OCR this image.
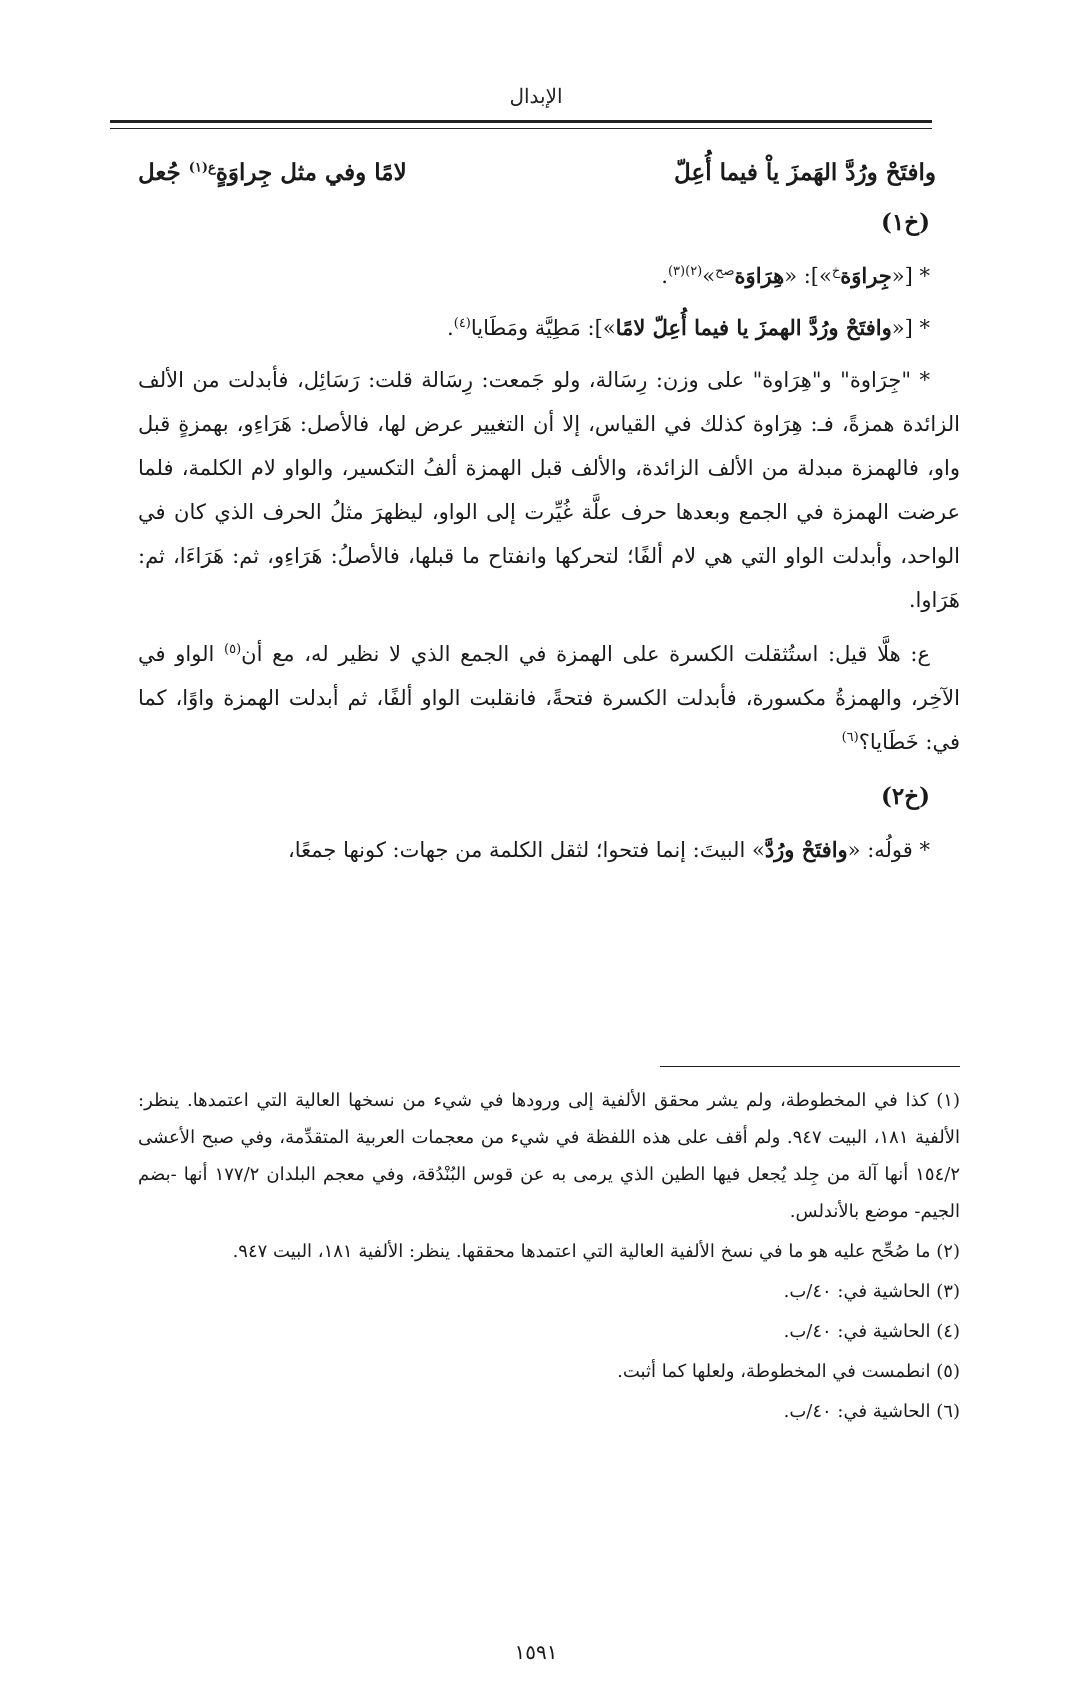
الإبدال
وافتَحْ ورُدَّ الهَمزَ ياْ فيما أُعِلّ
لامًا وفي مثل جِراوَةٍ$^{ع(١)}$ جُعل
(خ١)
* [«جِراوَة$^خ$»]: «هِرَاوَة$^{صح}$»$^{(٢)(٣)}$.
* [«وافتَحْ ورُدَّ الهمزَ يا فيما أُعِلّ لامًا»]: مَطِيَّة ومَطَايا$^{(٤)}$.
* "جِرَاوة" و"هِرَاوة" على وزن: رِسَالة، ولو جَمعت: رِسَالة قلت: رَسَائِل، فأبدلت من الألف الزائدة همزةً، فـ: هِرَاوة كذلك في القياس، إلا أن التغيير عرض لها، فالأصل: هَرَاءِو، بهمزةٍ قبل واو، فالهمزة مبدلة من الألف الزائدة، والألف قبل الهمزة ألفُ التكسير، والواو لام الكلمة، فلما عرضت الهمزة في الجمع وبعدها حرف علَّة غُيِّرت إلى الواو، ليظهرَ مثلُ الحرف الذي كان في الواحد، وأبدلت الواو التي هي لام ألفًا؛ لتحركها وانفتاح ما قبلها، فالأصلُ: هَرَاءِو، ثم: هَرَاءَا، ثم: هَرَاوا.
ع: هلَّا قيل: استُثقلت الكسرة على الهمزة في الجمع الذي لا نظير له، مع أن$^{(٥)}$ الواو في الآخِر، والهمزةُ مكسورة، فأبدلت الكسرة فتحةً، فانقلبت الواو ألفًا، ثم أبدلت الهمزة واوًا، كما في: خَطَايا؟$^{(٦)}$
(خ٢)
* قولُه: «وافتَحْ ورُدَّ» البيتَ: إنما فتحوا؛ لثقل الكلمة من جهات: كونها جمعًا،
(١) كذا في المخطوطة، ولم يشر محقق الألفية إلى ورودها في شيء من نسخها العالية التي اعتمدها. ينظر: الألفية ١٨١، البيت ٩٤٧. ولم أقف على هذه اللفظة في شيء من معجمات العربية المتقدِّمة، وفي صبح الأعشى ١٥٤/٢ أنها آلة من جِلد يُجعل فيها الطين الذي يرمى به عن قوس البُنْدُقة، وفي معجم البلدان ١٧٧/٢ أنها -بضم الجيم- موضع بالأندلس.
(٢) ما صُحِّح عليه هو ما في نسخ الألفية العالية التي اعتمدها محققها. ينظر: الألفية ١٨١، البيت ٩٤٧.
(٣) الحاشية في: ٤٠/ب.
(٤) الحاشية في: ٤٠/ب.
(٥) انطمست في المخطوطة، ولعلها كما أثبت.
(٦) الحاشية في: ٤٠/ب.
١٥٩١
